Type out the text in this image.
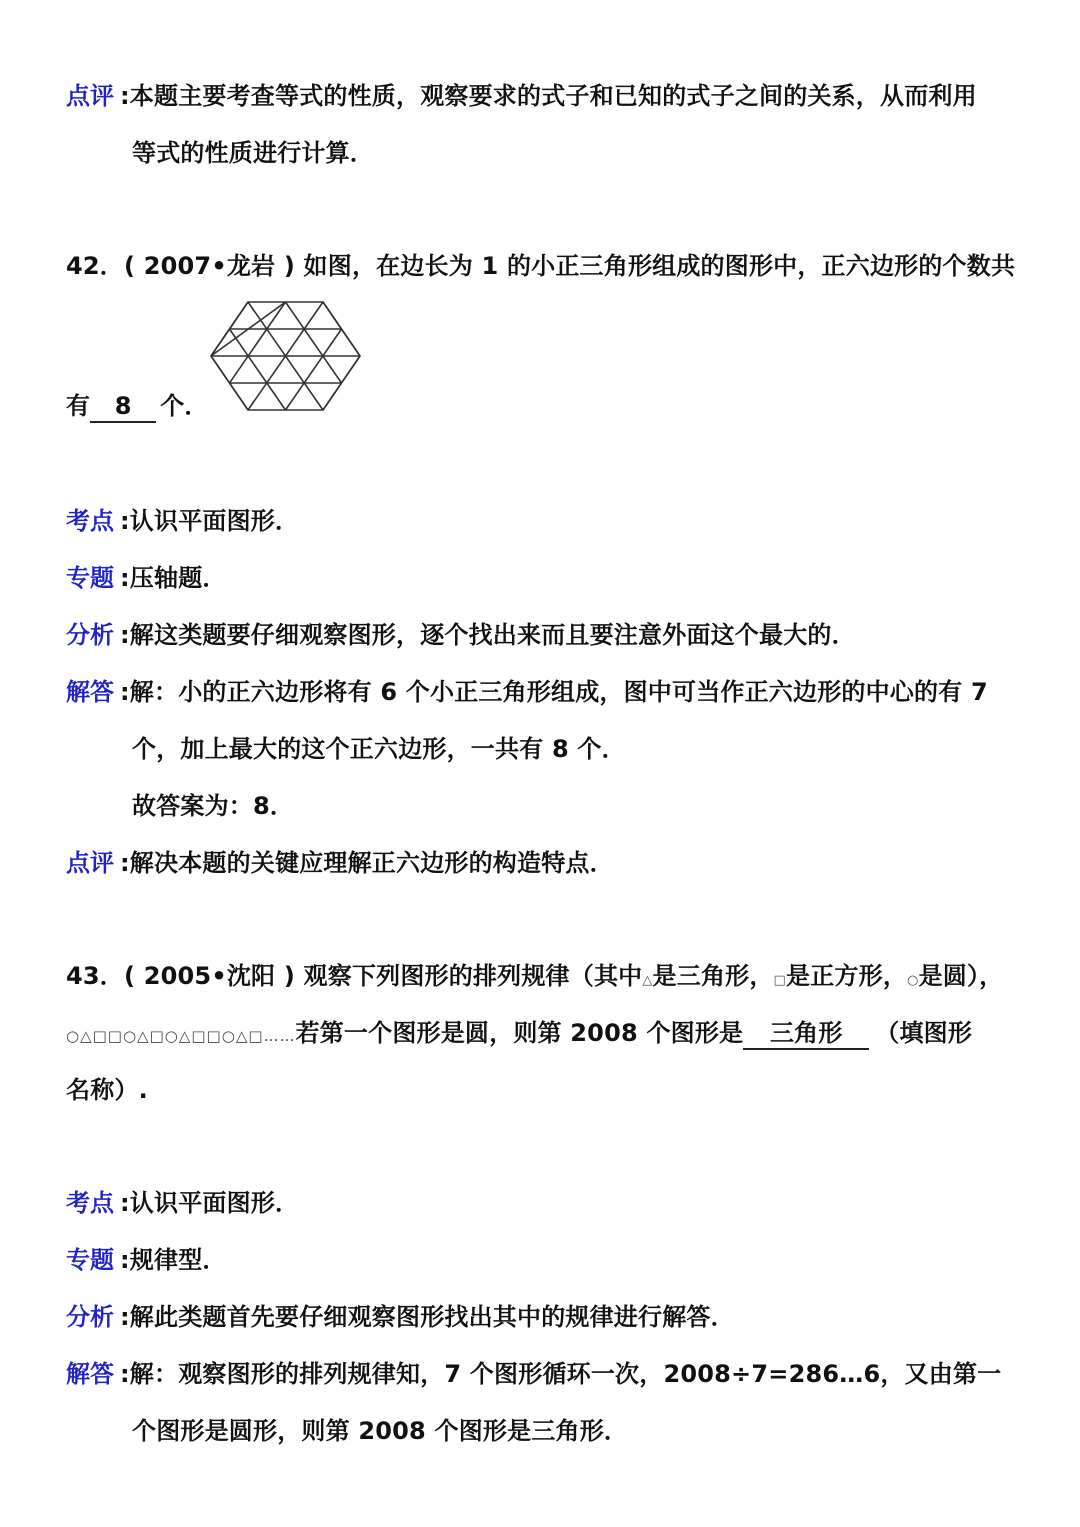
点评 :本题主要考查等式的性质，观察要求的式子和已知的式子之间的关系，从而利用
等式的性质进行计算．
42．( 2007•龙岩 ) 如图，在边长为 1 的小正三角形组成的图形中，正六边形的个数共
有 8 个．
考点 :认识平面图形．
专题 :压轴题．
分析 :解这类题要仔细观察图形，逐个找出来而且要注意外面这个最大的．
解答 :解：小的正六边形将有 6 个小正三角形组成，图中可当作正六边形的中心的有 7
个，加上最大的这个正六边形，一共有 8 个．
故答案为：8．
点评 :解决本题的关键应理解正六边形的构造特点．
43．( 2005•沈阳 ) 观察下列图形的排列规律（其中△是三角形，□是正方形，○是圆），
○△□□○△□○△□□○△□……若第一个图形是圆，则第 2008 个图形是 三角形 （填图形
名称）.
考点 :认识平面图形．
专题 :规律型．
分析 :解此类题首先要仔细观察图形找出其中的规律进行解答．
解答 :解：观察图形的排列规律知，7 个图形循环一次，2008÷7=286…6，又由第一
个图形是圆形，则第 2008 个图形是三角形．
